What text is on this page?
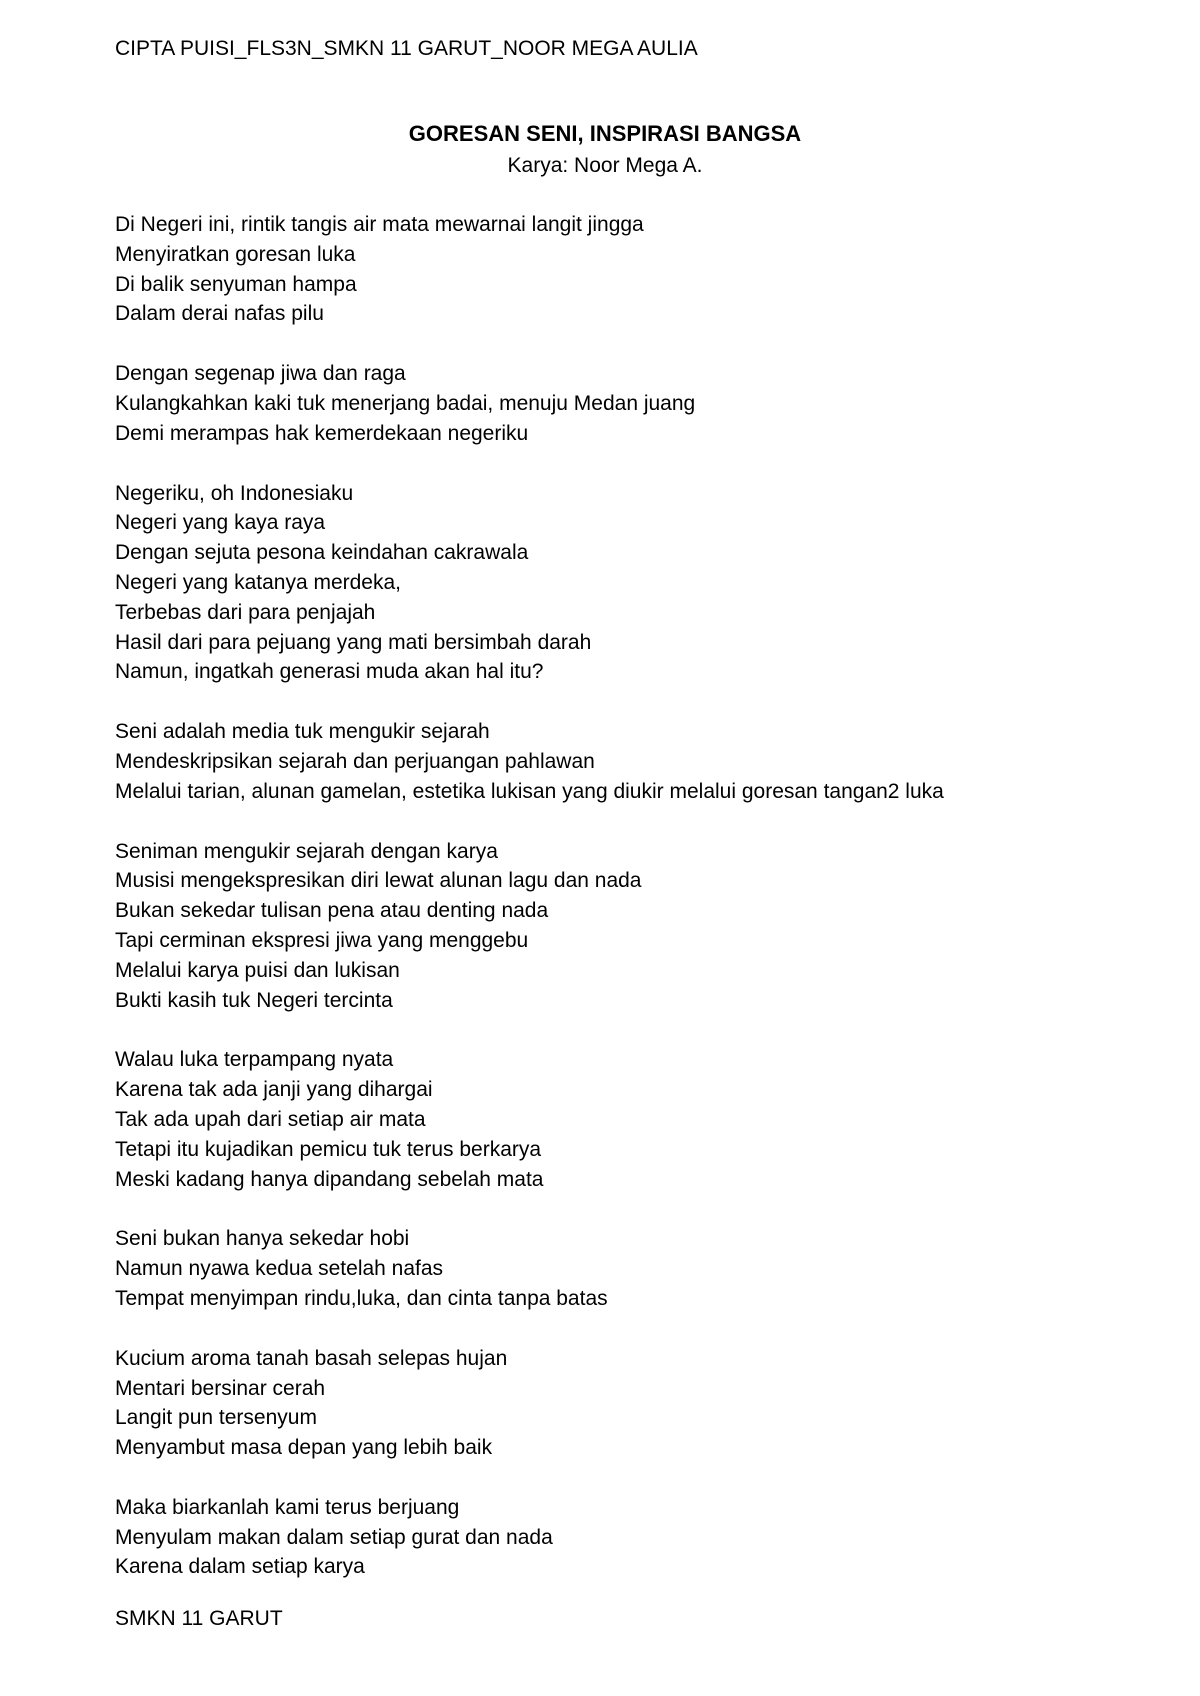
CIPTA PUISI_FLS3N_SMKN 11 GARUT_NOOR MEGA AULIA
GORESAN SENI, INSPIRASI BANGSA
Karya: Noor Mega A.
Di Negeri ini, rintik tangis air mata mewarnai langit jingga
Menyiratkan goresan luka
Di balik senyuman hampa
Dalam derai nafas pilu
Dengan segenap jiwa dan raga
Kulangkahkan kaki tuk menerjang badai, menuju Medan juang
Demi merampas hak kemerdekaan negeriku
Negeriku, oh Indonesiaku
Negeri yang kaya raya
Dengan sejuta pesona keindahan cakrawala
Negeri yang katanya merdeka,
Terbebas dari para penjajah
Hasil dari para pejuang yang mati bersimbah darah
Namun, ingatkah generasi muda akan hal itu?
Seni adalah media tuk mengukir sejarah
Mendeskripsikan sejarah dan perjuangan pahlawan
Melalui tarian, alunan gamelan, estetika lukisan yang diukir melalui goresan tangan2 luka
Seniman mengukir sejarah dengan karya
Musisi mengekspresikan diri lewat alunan lagu dan nada
Bukan sekedar tulisan pena atau denting nada
Tapi cerminan ekspresi jiwa yang menggebu
Melalui karya puisi dan lukisan
Bukti kasih tuk Negeri tercinta
Walau luka terpampang nyata
Karena tak ada janji yang dihargai
Tak ada upah dari setiap air mata
Tetapi itu kujadikan pemicu tuk terus berkarya
Meski kadang hanya dipandang sebelah mata
Seni bukan hanya sekedar hobi
Namun nyawa kedua setelah nafas
Tempat menyimpan rindu,luka, dan cinta tanpa batas
Kucium aroma tanah basah selepas hujan
Mentari bersinar cerah
Langit pun tersenyum
Menyambut masa depan yang lebih baik
Maka biarkanlah kami terus berjuang
Menyulam makan dalam setiap gurat dan nada
Karena dalam setiap karya
SMKN 11 GARUT
